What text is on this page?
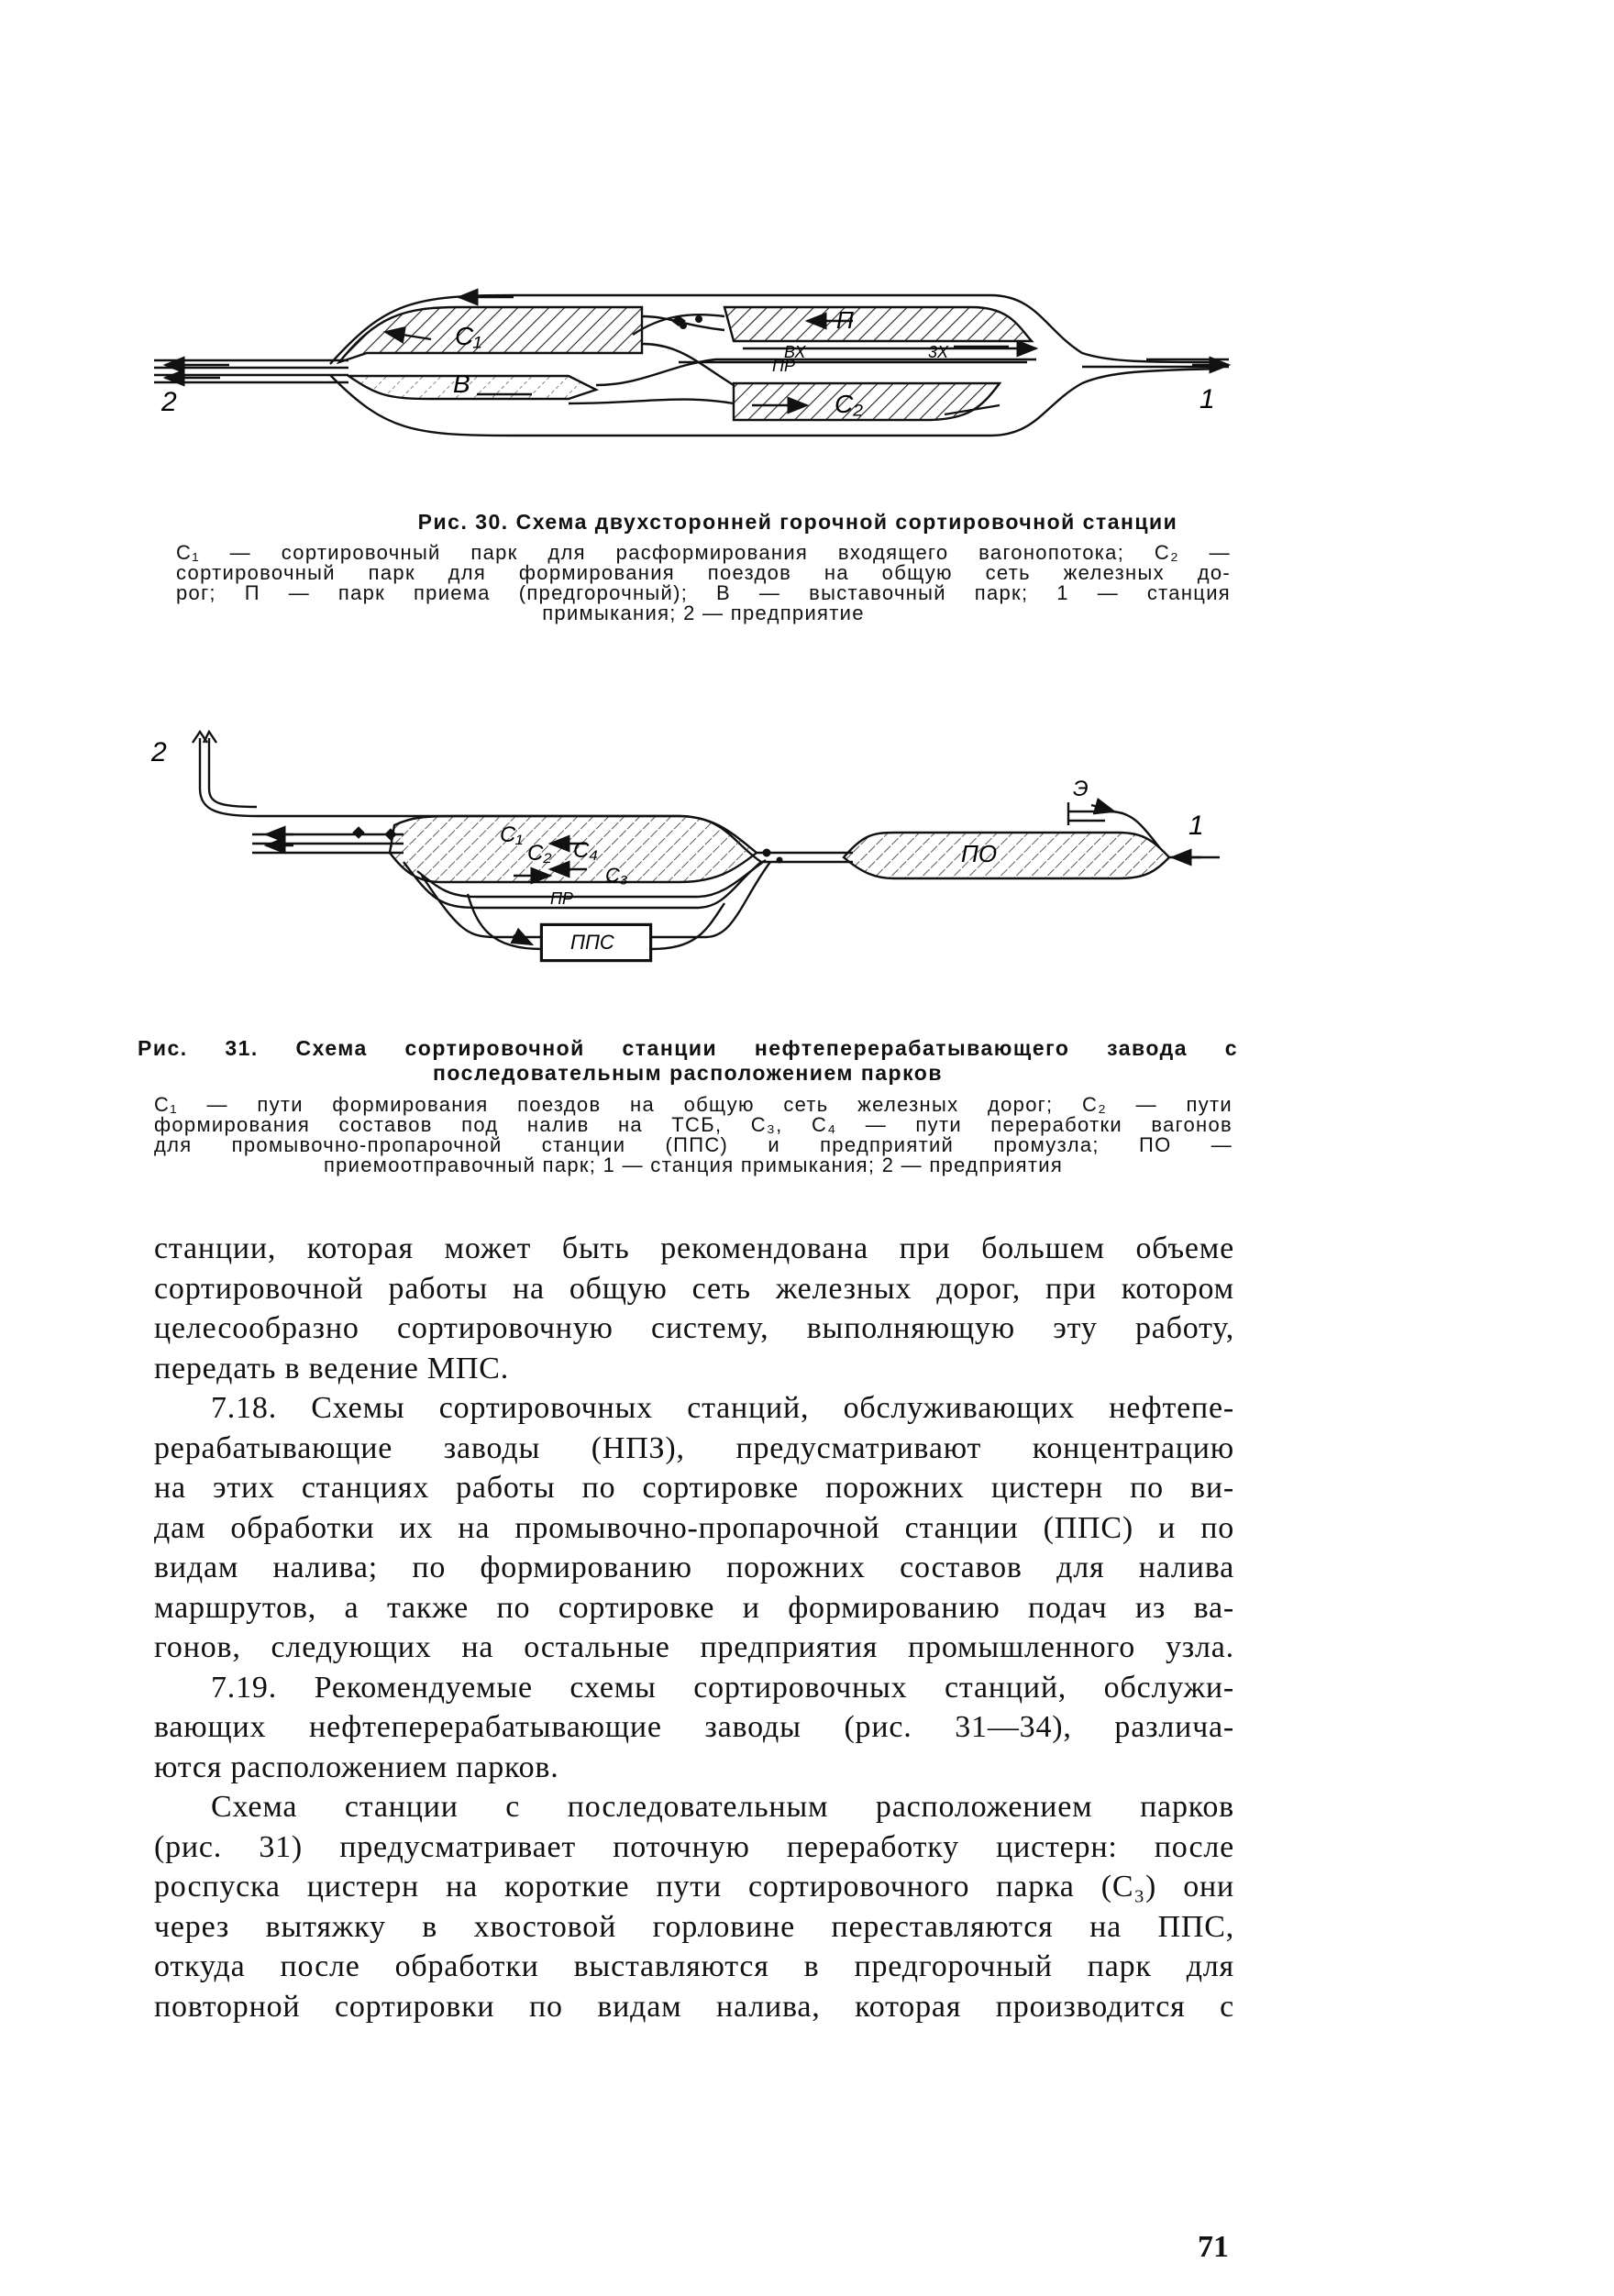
C₁
B
П
C₂
ВХ
ПР
3X
1
2
Рис. 30. Схема двухсторонней горочной сортировочной станции
C₁ — сортировочный парк для расформирования входящего вагонопотока; C₂ —
сортировочный парк для формирования поездов на общую сеть железных до-
рог; П — парк приема (предгорочный); В — выставочный парк; 1 — станция
примыкания; 2 — предприятие
C₁
C₂ C₄
C₃
ПР
ПО
ППС
Э
1
2
Рис. 31. Схема сортировочной станции нефтеперерабатывающего завода с
последовательным расположением парков
C₁ — пути формирования поездов на общую сеть железных дорог; C₂ — пути
формирования составов под налив на ТСБ, C₃, C₄ — пути переработки вагонов
для промывочно-пропарочной станции (ППС) и предприятий промузла; ПО —
приемоотправочный парк; 1 — станция примыкания; 2 — предприятия
станции, которая может быть рекомендована при большем объеме
сортировочной работы на общую сеть железных дорог, при котором
целесообразно сортировочную систему, выполняющую эту работу,
передать в ведение МПС.
7.18. Схемы сортировочных станций, обслуживающих нефтепе-
рерабатывающие заводы (НПЗ), предусматривают концентрацию
на этих станциях работы по сортировке порожних цистерн по ви-
дам обработки их на промывочно-пропарочной станции (ППС) и по
видам налива; по формированию порожних составов для налива
маршрутов, а также по сортировке и формированию подач из ва-
гонов, следующих на остальные предприятия промышленного узла.
7.19. Рекомендуемые схемы сортировочных станций, обслужи-
вающих нефтеперерабатывающие заводы (рис. 31—34), различа-
ются расположением парков.
Схема станции с последовательным расположением парков
(рис. 31) предусматривает поточную переработку цистерн: после
роспуска цистерн на короткие пути сортировочного парка (C₃) они
через вытяжку в хвостовой горловине переставляются на ППС,
откуда после обработки выставляются в предгорочный парк для
повторной сортировки по видам налива, которая производится с
71
